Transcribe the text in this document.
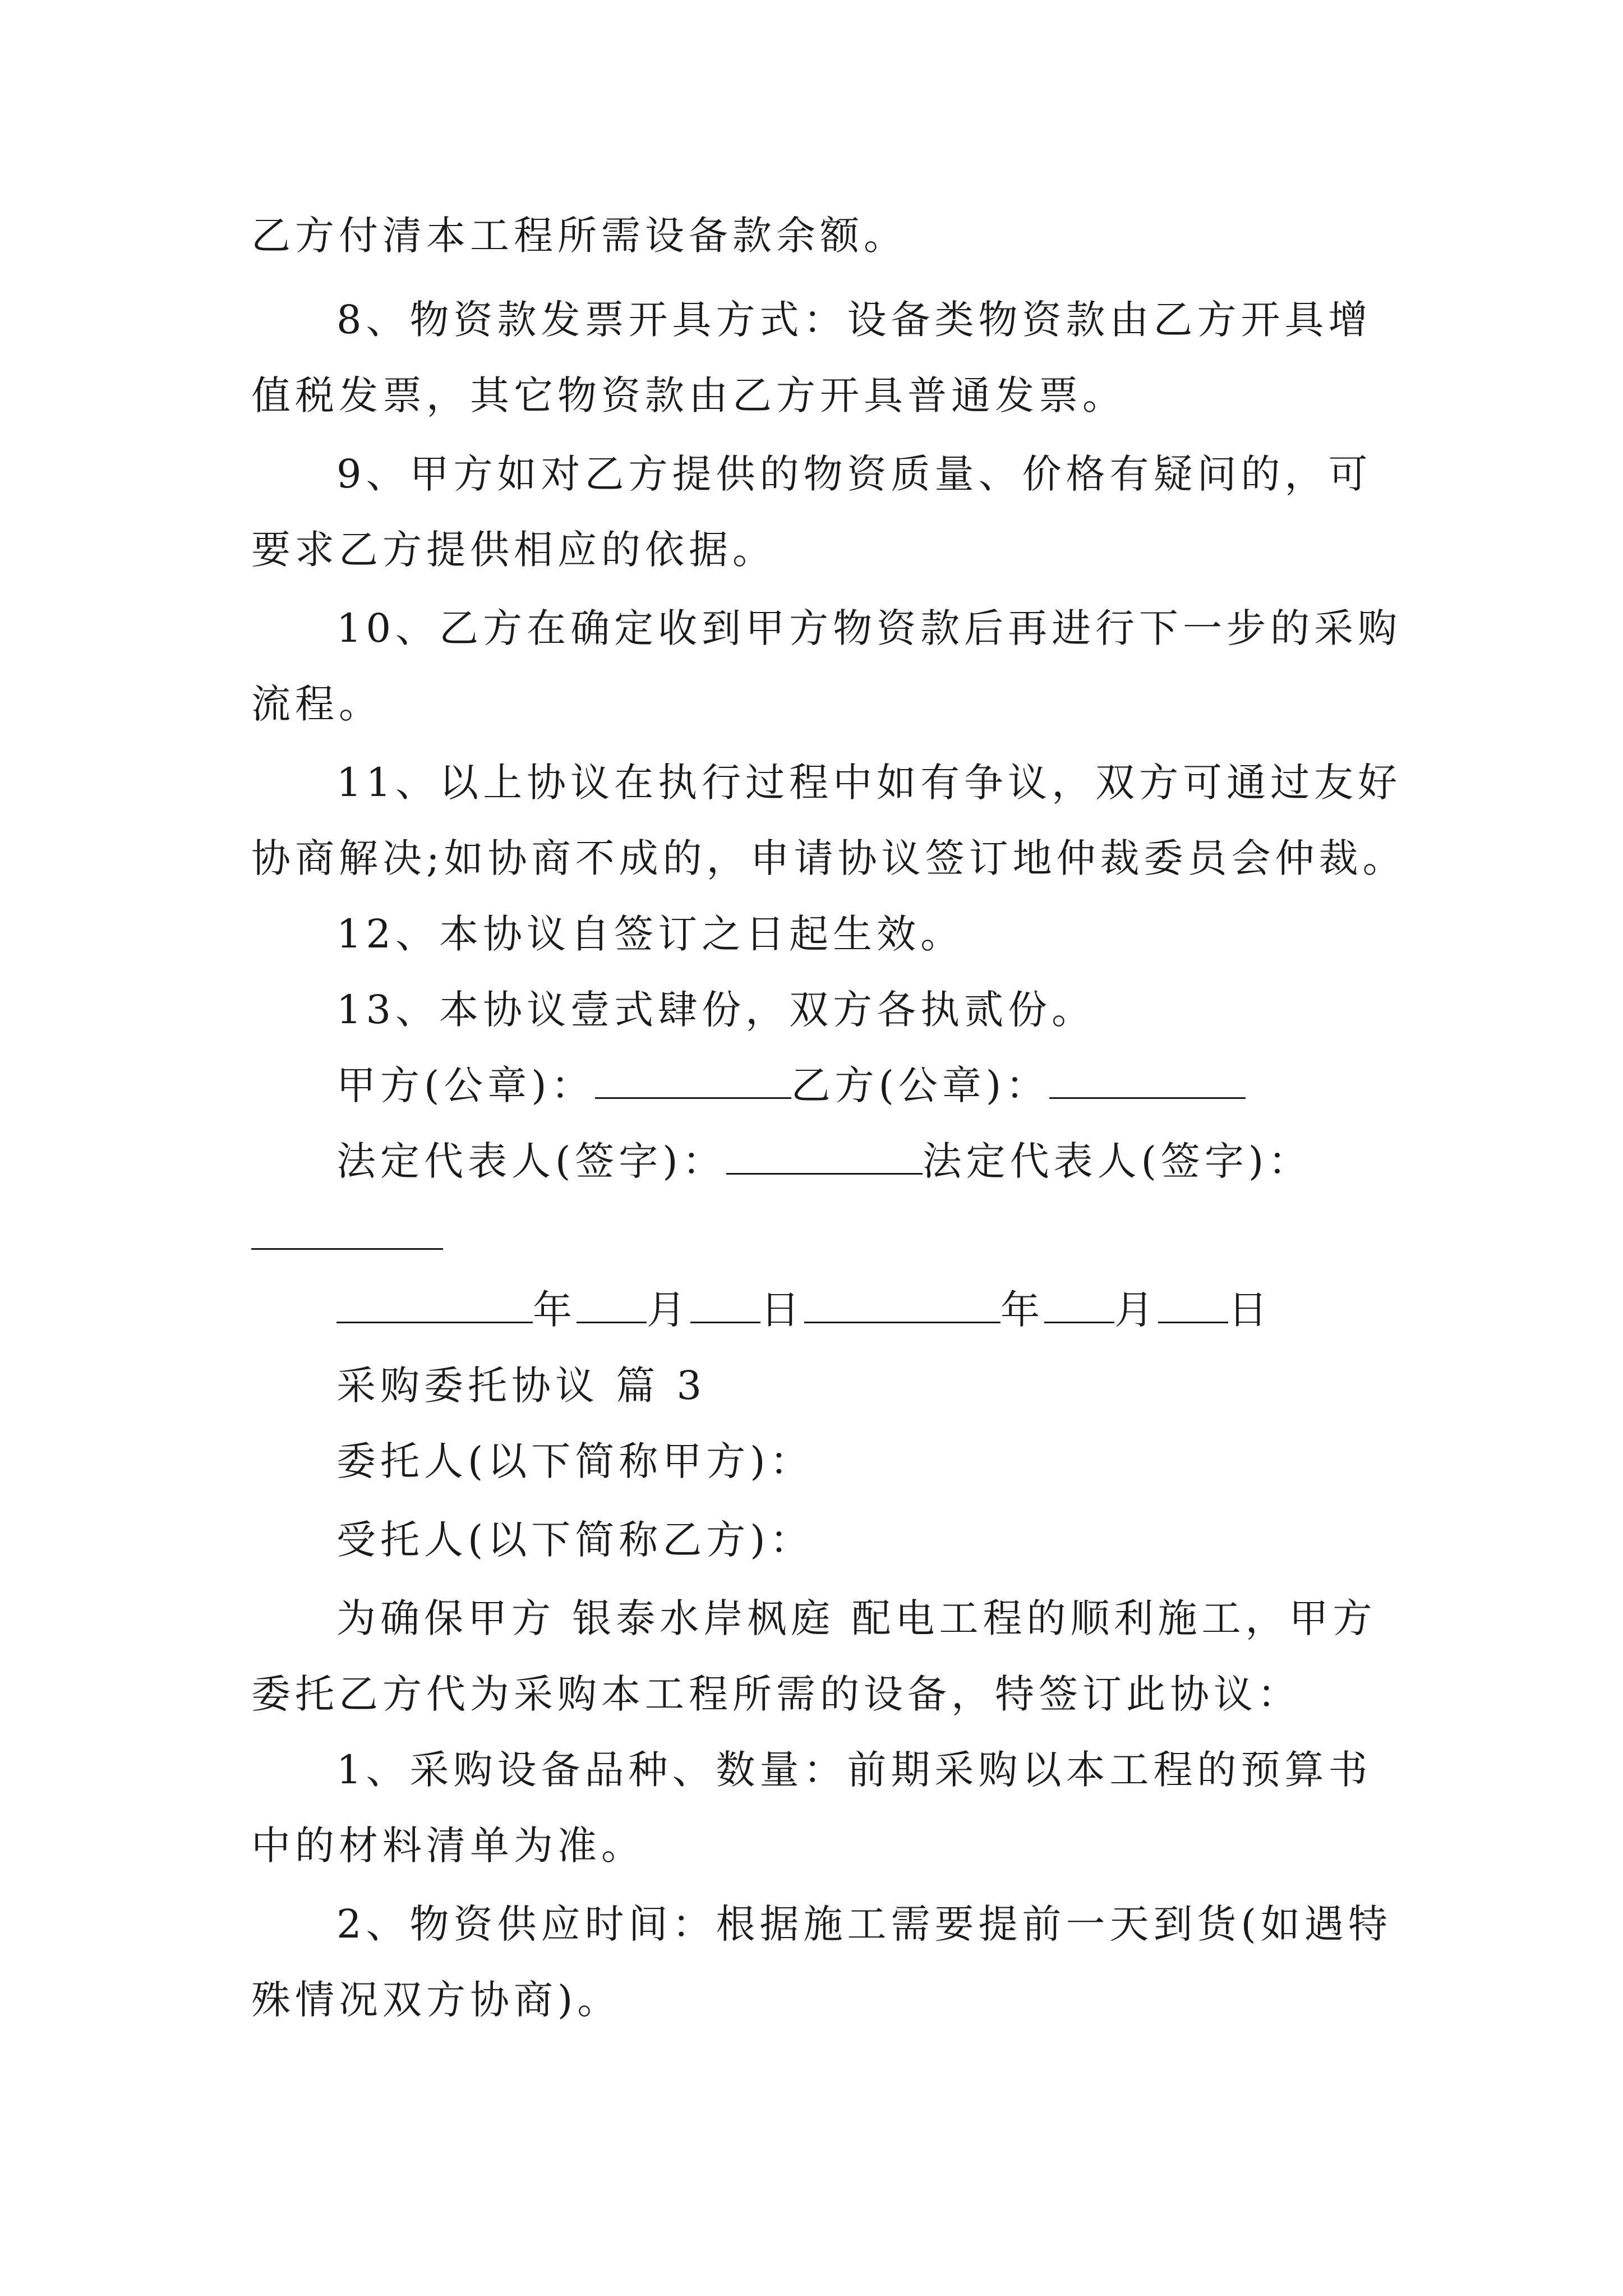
乙方付清本工程所需设备款余额。
8、物资款发票开具方式：设备类物资款由乙方开具增
值税发票，其它物资款由乙方开具普通发票。
9、甲方如对乙方提供的物资质量、价格有疑问的，可
要求乙方提供相应的依据。
10、乙方在确定收到甲方物资款后再进行下一步的采购
流程。
11、以上协议在执行过程中如有争议，双方可通过友好
协商解决;如协商不成的，申请协议签订地仲裁委员会仲裁。
12、本协议自签订之日起生效。
13、本协议壹式肆份，双方各执贰份。
甲方(公章)：	乙方(公章)：
法定代表人(签字)：	法定代表人(签字)：
年 月 日	年 月 日
采购委托协议 篇 3
委托人(以下简称甲方)：
受托人(以下简称乙方)：
为确保甲方 银泰水岸枫庭 配电工程的顺利施工，甲方
委托乙方代为采购本工程所需的设备，特签订此协议：
1、采购设备品种、数量：前期采购以本工程的预算书
中的材料清单为准。
2、物资供应时间：根据施工需要提前一天到货(如遇特
殊情况双方协商)。
